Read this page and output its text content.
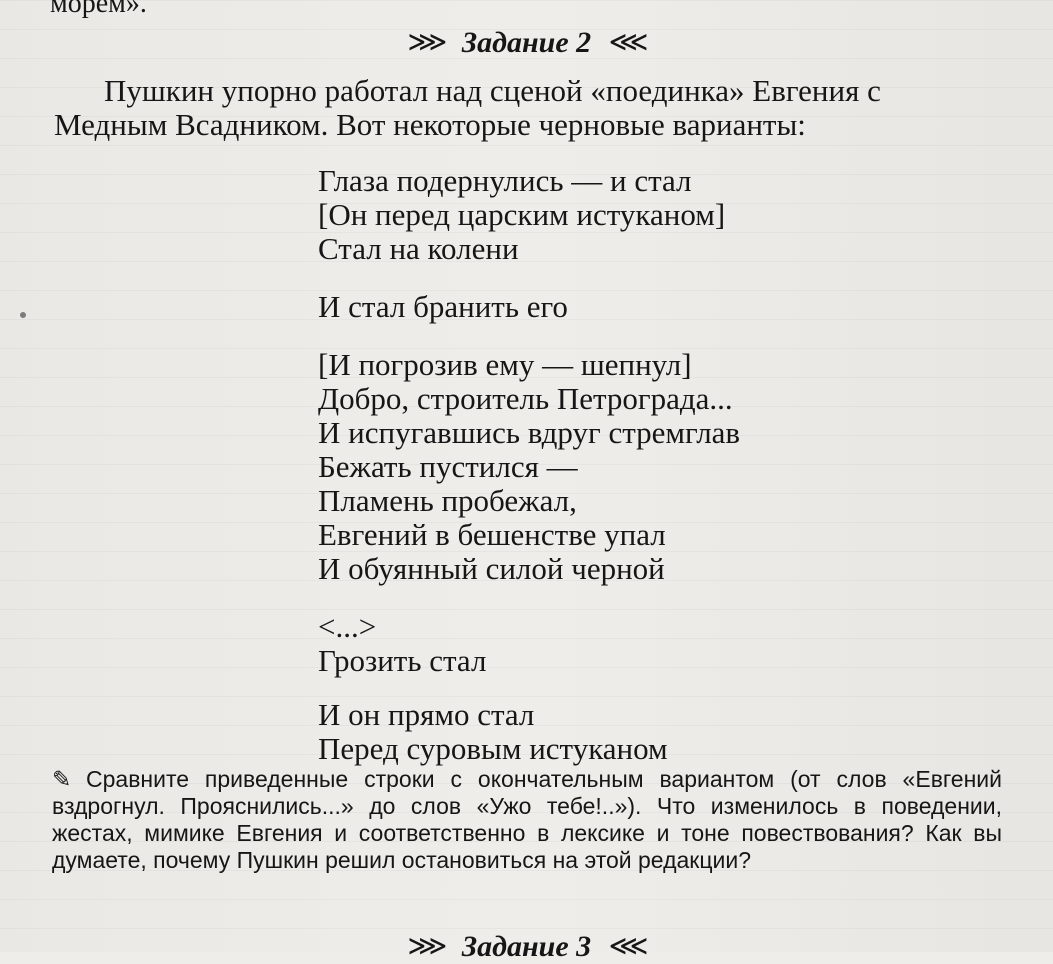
морем».
⋙ Задание 2 ⋘

Пушкин упорно работал над сценой «поединка» Евгения с
Медным Всадником. Вот некоторые черновые варианты:

Глаза подернулись — и стал
[Он перед царским истуканом]
Стал на колени
И стал бранить его
[И погрозив ему — шепнул]
Добро, строитель Петрограда...
И испугавшись вдруг стремглав
Бежать пустился —
Пламень пробежал,
Евгений в бешенстве упал
И обуянный силой черной
<...>
Грозить стал
И он прямо стал
Перед суровым истуканом

✎ Сравните приведенные строки с окончательным вариантом (от слов «Евгений вздрогнул. Прояснились...» до слов «Ужо тебе!..»). Что изменилось в поведении, жестах, мимике Евгения и соответственно в лексике и тоне повествования? Как вы думаете, почему Пушкин решил остановиться на этой редакции?

⋙ Задание 3 ⋘
